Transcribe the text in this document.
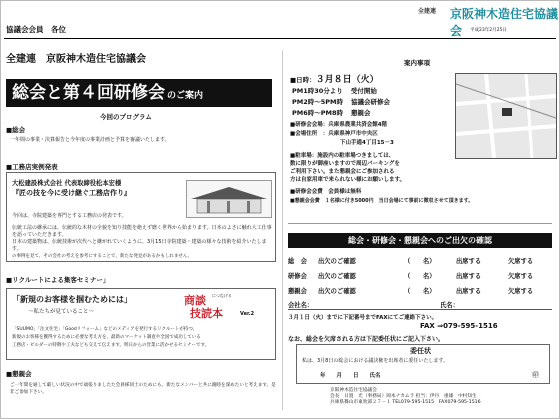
全建連 京阪神木造住宅協議会
協議会会員　各位	平成23年2月25日
全建連　京阪神木造住宅協議会
総会と第４回研修会 のご案内
今回のプログラム
■総会
一年間の事業・決算報告と今年度の事業計画と予算を審議いたします。
■工務店実例発表
大松建設株式会社 代表取締役松本宏様
『匠の技を今に受け継ぐ工務店作り』
今回は、寺院建築を専門とする工務店の発表です。
伝統工法の継承には、伝統的な木材の全貌を知り技能を絶えず磨く世界から始まります。日本のよさに触れ大工仕事を語っていただきます。
日本の建築物は、伝統技術が次代へと継がれていくように、3月15日寺院建築・建築の様々な技術を紹介いたします。
の事例を見て、その会社の考えを参考にすることで、新たな発見があるかもしれません。
■リクルートによる集客セミナー」
「新規のお客様を掴むためには」
～私たちが見ていること～
商談 につなげる
技読本	Ver.2
「SUUMO」「注文住宅」「Goodリフォーム」などのメディアを発行するリクルートが持つ、
新規のお客様を獲得するために必要な考え方を、最新のマーケット調査や全国で成功している
工務店・ビルダーの特徴や工夫なども交えて伝えます。明日からの営業に活かせるセミナーです。
■懇親会
ご一年間を通して厳しい状況の中で頑張りましたた会員様同士のためにも、新たなメンバーと共に親睦を深めたいと考えます。是非ご参加下さい。
案内事項
■日時：３月８日（火）
PM1時30分より 受付開始
PM2時〜5PM時 協議会研修会
PM6時〜PM8時 懇親会
■研修会会場：兵庫県農業共済会館4階
■会場住所　：兵庫県神戸市中央区
下山手通4丁目15－3
■駐車場：施設内の駐車場つきましては、
数に限りが御座いますので周辺パーキングを
ご利用下さい。また懇親会にご参加される
方は自家用車で来られない様にお願いします。
■研修会会費　会員様は無料
■懇親会会費　１名様に付き5000円　当日会場にて事前に徴収させて頂きます。
総会・研修会・懇親会へのご出欠の確認
総　会 出欠のご確認	（　　名）	出席する	欠席する
研修会 出欠のご確認	（　　名）	出席する	欠席する
懇親会 出欠のご確認	（　　名）	出席する	欠席する
会社名：	氏名：
３月１日（火）までに下記番号までFAXにてご連絡下さい。
FAX ⇒079-595-1516
なお、総会を欠席される方は下記委任状にご記入下さい。
委任状
私は、3月8日の総会における議決権を出席者に委任いたします。
年　　月　　日　　氏名	㊞
京阪神木造住宅協議会
会長　日置　光（事務局）岡本ナカムラ 担当：伊丹　重雄　中村知生
兵庫県篠山市東吹部２７－１ TEL079-595-1515　FAX079-595-1516
